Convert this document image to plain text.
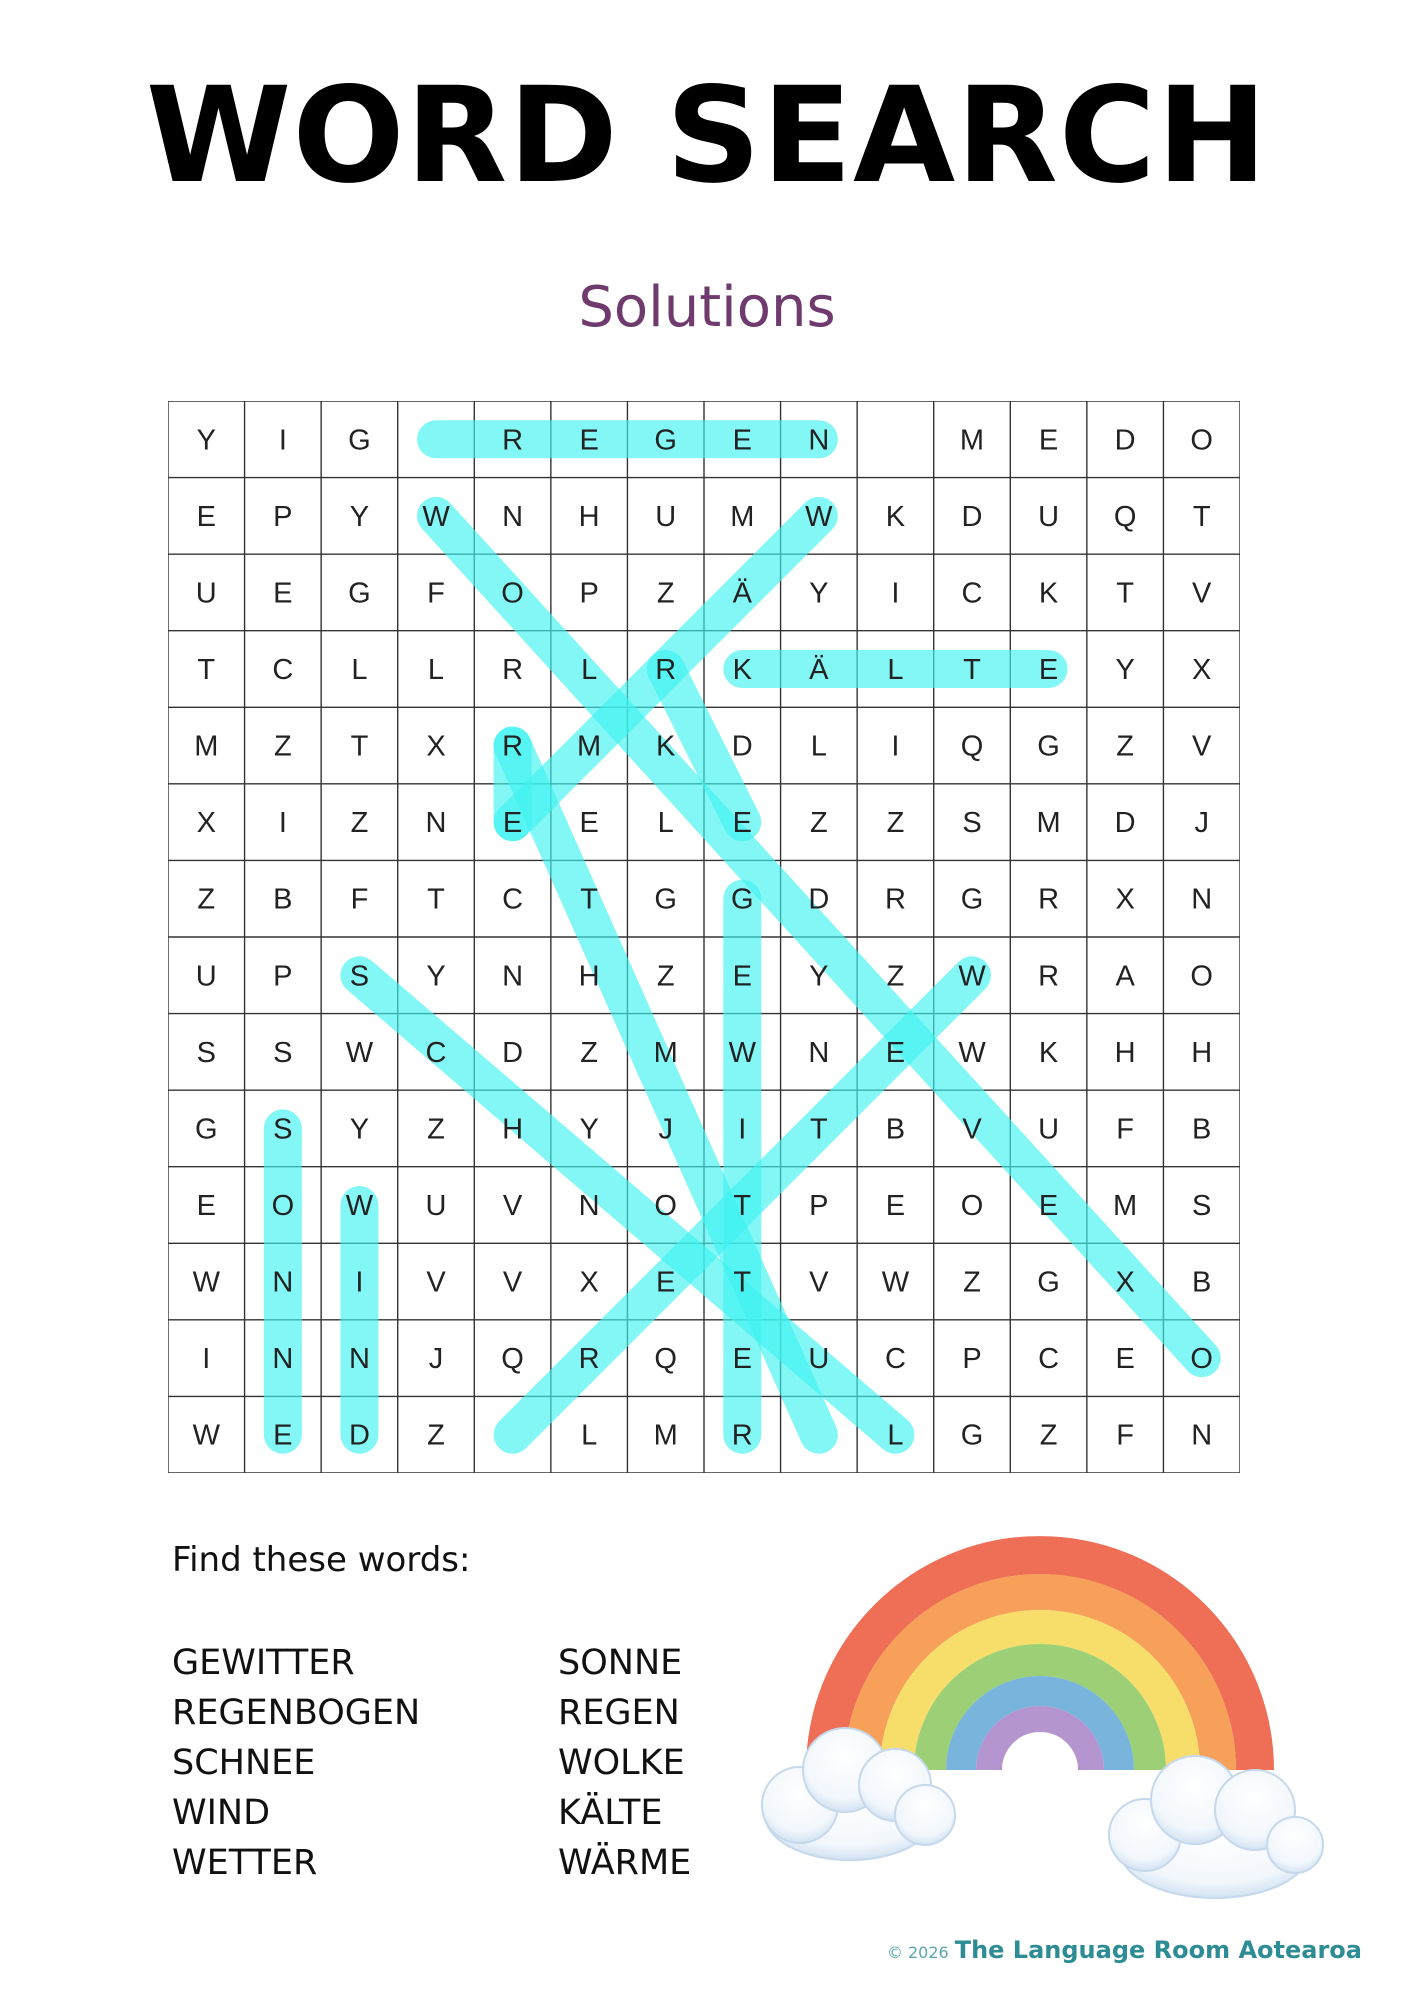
WORD SEARCH
Solutions
Y I G	R E G E N	M E D O
E P Y W N H U M W K D U Q T
U E G F O P Z Ä Y I C K T V
T C L L R L R K Ä L T E Y X
M Z T X R M K D L I Q G Z V
X I Z N E E L E Z Z S M D J
Z B F T C T G G D R G R X N
U P S Y N H Z E Y Z W R A O
S S W C D Z M W N E W K H H
G S Y Z H Y J I T B V U F B
E O W U V N O T P E O E M S
W N I V V X E T V W Z G X B
I N N J Q R Q E U C P C E O
W E D Z	L M R	L G Z F N
Find these words:
GEWITTER
REGENBOGEN
SCHNEE
WIND
WETTER
SONNE
REGEN
WOLKE
KÄLTE
WÄRME
© 2026 The Language Room Aotearoa
